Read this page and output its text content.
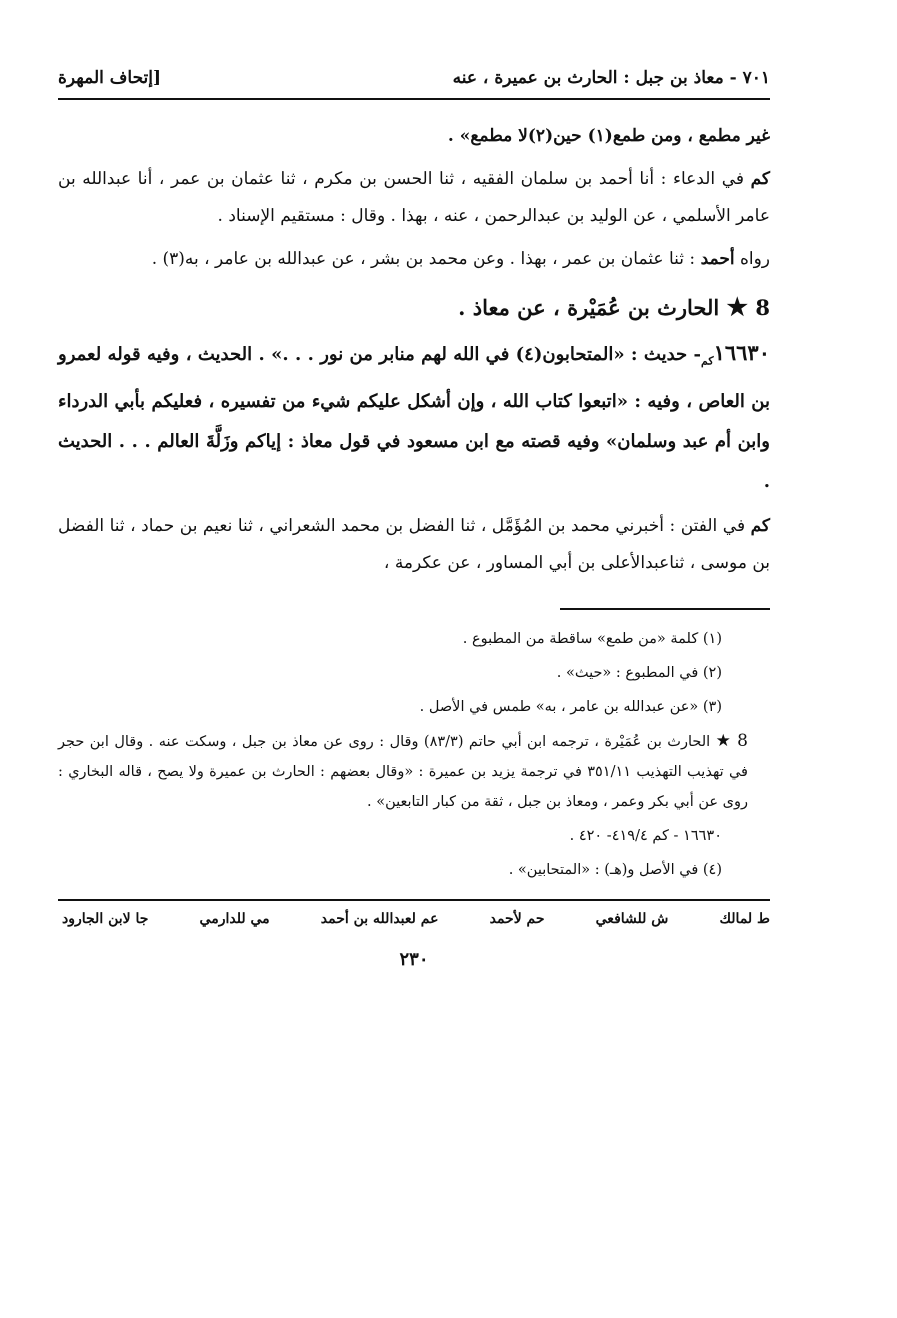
٧٠١ - معاذ بن جبل : الحارث بن عميرة ، عنه
[إتحاف المهرة

غير مطمع ، ومن طمع(١) حين(٢)لا مطمع» .

كم في الدعاء : أنا أحمد بن سلمان الفقيه ، ثنا الحسن بن مكرم ، ثنا عثمان بن عمر ، أنا عبدالله بن عامر الأسلمي ، عن الوليد بن عبدالرحمن ، عنه ، بهذا . وقال : مستقيم الإسناد .

رواه أحمد : ثنا عثمان بن عمر ، بهذا . وعن محمد بن بشر ، عن عبدالله بن عامر ، به(٣) .

8 ★ الحارث بن عُمَيْرة ، عن معاذ .

$١٦٦٣٠_{كم}-$ حديث : «المتحابون(٤) في الله لهم منابر من نور . . .» . الحديث ، وفيه قوله لعمرو بن العاص ، وفيه : «اتبعوا كتاب الله ، وإن أشكل عليكم شيء من تفسيره ، فعليكم بأبي الدرداء وابن أم عبد وسلمان» وفيه قصته مع ابن مسعود في قول معاذ : إياكم وزَلَّةَ العالم . . . الحديث .

كم في الفتن : أخبرني محمد بن المُؤَمَّل ، ثنا الفضل بن محمد الشعراني ، ثنا نعيم بن حماد ، ثنا الفضل بن موسى ، ثناعبدالأعلى بن أبي المساور ، عن عكرمة ،

(١) كلمة «من طمع» ساقطة من المطبوع .

(٢) في المطبوع : «حيث» .

(٣) «عن عبدالله بن عامر ، به» طمس في الأصل .

8 ★ الحارث بن عُمَيْرة ، ترجمه ابن أبي حاتم (٨٣/٣) وقال : روى عن معاذ بن جبل ، وسكت عنه . وقال ابن حجر في تهذيب التهذيب ٣٥١/١١ في ترجمة يزيد بن عميرة : «وقال بعضهم : الحارث بن عميرة ولا يصح ، قاله البخاري : روى عن أبي بكر وعمر ، ومعاذ بن جبل ، ثقة من كبار التابعين» .

١٦٦٣٠ - كم ٤١٩/٤- ٤٢٠ .

(٤) في الأصل و(هـ) : «المتحابين» .

ط لمالك
ش للشافعي
حم لأحمد
عم لعبدالله بن أحمد
مي للدارمي
جا لابن الجارود
٢٣٠
